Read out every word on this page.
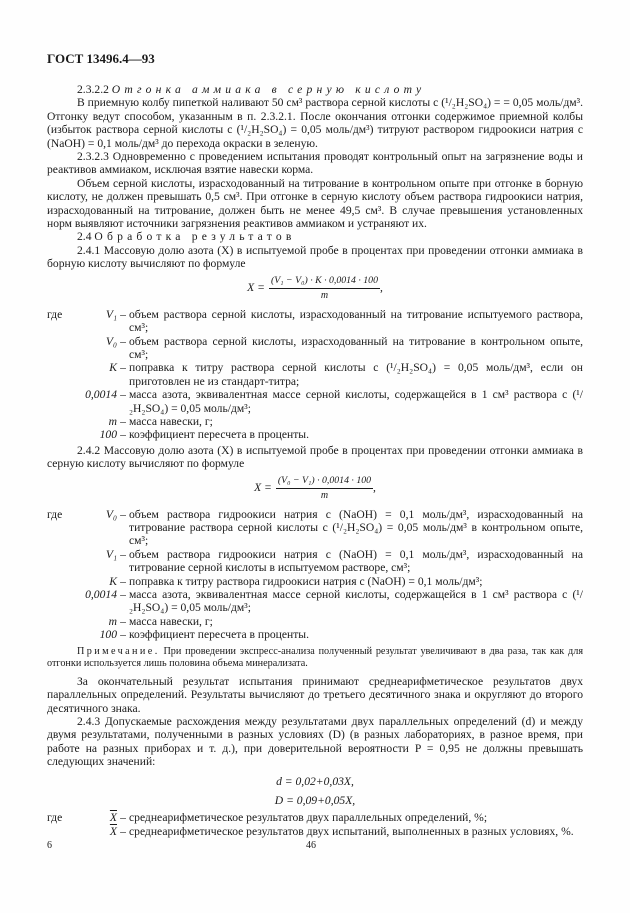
ГОСТ 13496.4—93

2.3.2.2 Отгонка аммиака в серную кислоту

В приемную колбу пипеткой наливают 50 см³ раствора серной кислоты c (¹/₂H₂SO₄) = = 0,05 моль/дм³. Отгонку ведут способом, указанным в п. 2.3.2.1. После окончания отгонки содержимое приемной колбы (избыток раствора серной кислоты c (¹/₂H₂SO₄) = 0,05 моль/дм³) титруют раствором гидроокиси натрия c (NaOH) = 0,1 моль/дм³ до перехода окраски в зеленую.

2.3.2.3 Одновременно с проведением испытания проводят контрольный опыт на загрязнение воды и реактивов аммиаком, исключая взятие навески корма.

Объем серной кислоты, израсходованный на титрование в контрольном опыте при отгонке в борную кислоту, не должен превышать 0,5 см³. При отгонке в серную кислоту объем раствора гидроокиси натрия, израсходованный на титрование, должен быть не менее 49,5 см³. В случае превышения установленных норм выявляют источники загрязнения реактивов аммиаком и устраняют их.

2.4 Обработка результатов

2.4.1 Массовую долю азота (X) в испытуемой пробе в процентах при проведении отгонки аммиака в борную кислоту вычисляют по формуле

$X = \frac{\text{(V₁ − V₀) · K · 0,0014 · 100}}{m}$ ,
где V₁	–	объем раствора серной кислоты, израсходованный на титрование испытуемого раствора, см³;

V₀	–	объем раствора серной кислоты, израсходованный на титрование в контрольном опыте, см³;

K	–	поправка к титру раствора серной кислоты c (¹/₂H₂SO₄) = 0,05 моль/дм³, если он приготовлен не из стандарт-титра;

0,0014	–	масса азота, эквивалентная массе серной кислоты, содержащейся в 1 см³ раствора c (¹/₂H₂SO₄) = 0,05 моль/дм³;

m	–	масса навески, г;

100	–	коэффициент пересчета в проценты.

2.4.2 Массовую долю азота (X) в испытуемой пробе в процентах при проведении отгонки аммиака в серную кислоту вычисляют по формуле

$X = \frac{\text{(V₀ − V₁) · 0,0014 · 100}}{m}$ ,
где V₀	–	объем раствора гидроокиси натрия c (NaOH) = 0,1 моль/дм³, израсходованный на титрование раствора серной кислоты c (¹/₂H₂SO₄) = 0,05 моль/дм³ в контрольном опыте, см³;

V₁	–	объем раствора гидроокиси натрия c (NaOH) = 0,1 моль/дм³, израсходованный на титрование серной кислоты в испытуемом растворе, см³;

K	–	поправка к титру раствора гидроокиси натрия c (NaOH) = 0,1 моль/дм³;

0,0014	–	масса азота, эквивалентная массе серной кислоты, содержащейся в 1 см³ раствора c (¹/₂H₂SO₄) = 0,05 моль/дм³;

m	–	масса навески, г;

100	–	коэффициент пересчета в проценты.

Примечание. При проведении экспресс-анализа полученный результат увеличивают в два раза, так как для отгонки используется лишь половина объема минерализата.

За окончательный результат испытания принимают среднеарифметическое результатов двух параллельных определений. Результаты вычисляют до третьего десятичного знака и округляют до второго десятичного знака.

2.4.3 Допускаемые расхождения между результатами двух параллельных определений (d) и между двумя результатами, полученными в разных условиях (D) (в разных лабораториях, в разное время, при работе на разных приборах и т. д.), при доверительной вероятности P = 0,95 не должны превышать следующих значений:

d = 0,02+0,03X,
D = 0,09+0,05X,
где $\overline{X}$	–	среднеарифметическое результатов двух параллельных определений, %;

$\overline{X}$	–	среднеарифметическое результатов двух испытаний, выполненных в разных условиях, %.
6	46
